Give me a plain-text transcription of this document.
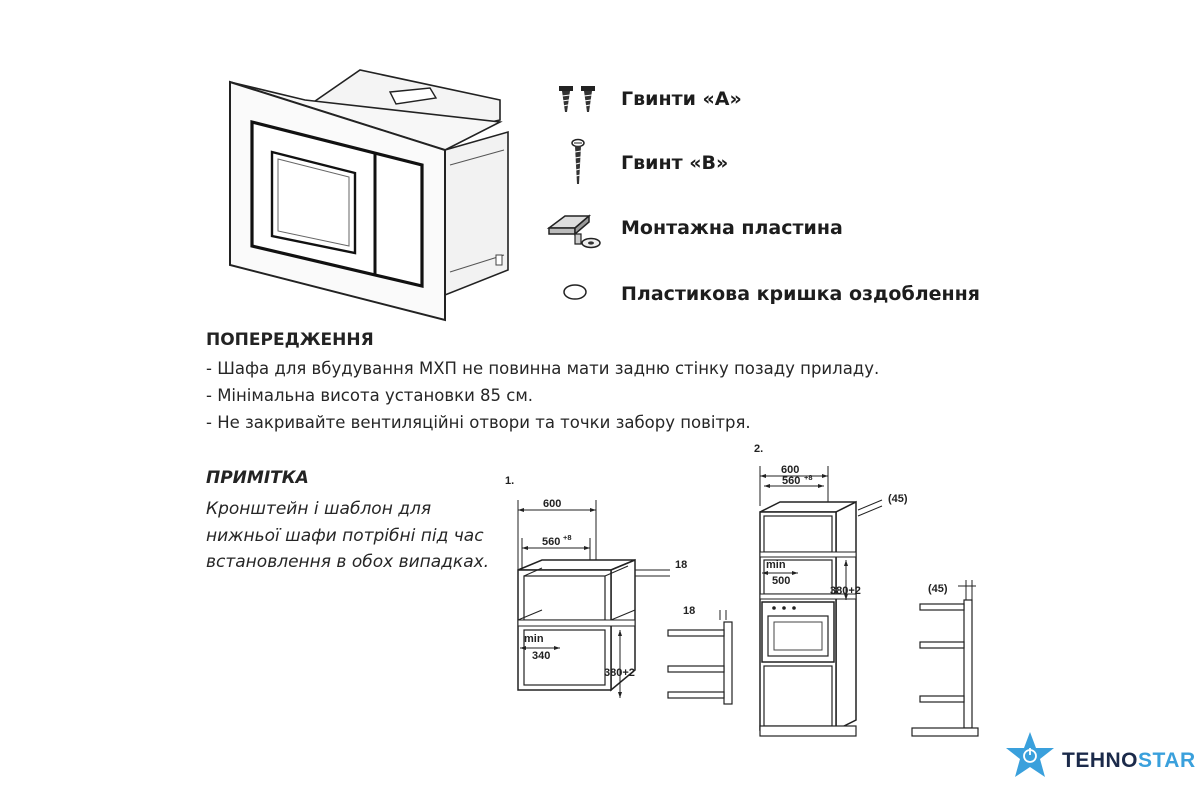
Гвинти «А»
Гвинт «В»
Монтажна пластина
Пластикова кришка оздоблення
ПОПЕРЕДЖЕННЯ
- Шафа для вбудування МХП не повинна мати задню стінку позаду приладу.
- Мінімальна висота установки 85 см.
- Не закривайте вентиляційні отвори та точки забору повітря.
ПРИМІТКА
Кронштейн і шаблон для нижньої шафи потрібні під час встановлення в обох випадках.
1.
600
560 +8
18
min
340
380+2
18
2.
600
560 +8
(45)
min
500
380+2	(45)
TEHNOSTAR
